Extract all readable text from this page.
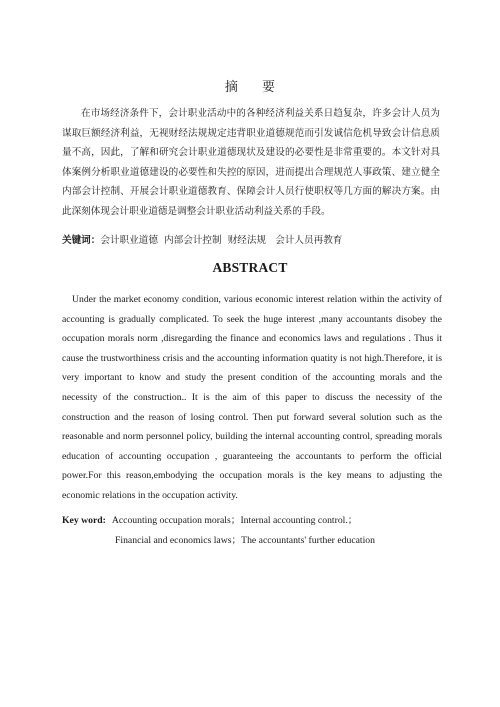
摘 要

在市场经济条件下，会计职业活动中的各种经济利益关系日趋复杂，许多会计人员为谋取巨额经济利益，无视财经法规规定违背职业道德规范而引发诚信危机导致会计信息质量不高，因此，了解和研究会计职业道德现状及建设的必要性是非常重要的。本文针对具体案例分析职业道德建设的必要性和失控的原因，进而提出合理规范人事政策、建立健全内部会计控制、开展会计职业道德教育、保障会计人员行使职权等几方面的解决方案。由此深刻体现会计职业道德是调整会计职业活动利益关系的手段。

关键词：会计职业道德  内部会计控制  财经法规   会计人员再教育
ABSTRACT

Under the market economy condition, various economic interest relation within the activity of accounting is gradually complicated. To seek the huge interest ,many accountants disobey the occupation morals norm ,disregarding the finance and economics laws and regulations . Thus it cause the trustworthiness crisis and the accounting information quatity is not high.Therefore, it is very important to know and study the present condition of the accounting morals and the necessity of the construction.. It is the aim of this paper to discuss the necessity of the construction and the reason of losing control. Then put forward several solution such as the reasonable and norm personnel policy, building the internal accounting control, spreading morals education of accounting occupation , guaranteeing the accountants to perform the official power.For this reason,embodying the occupation morals is the key means to adjusting the economic relations in the occupation activity.

Key word: Accounting occupation morals；Internal accounting control.；
Financial and economics laws；The accountants' further education
